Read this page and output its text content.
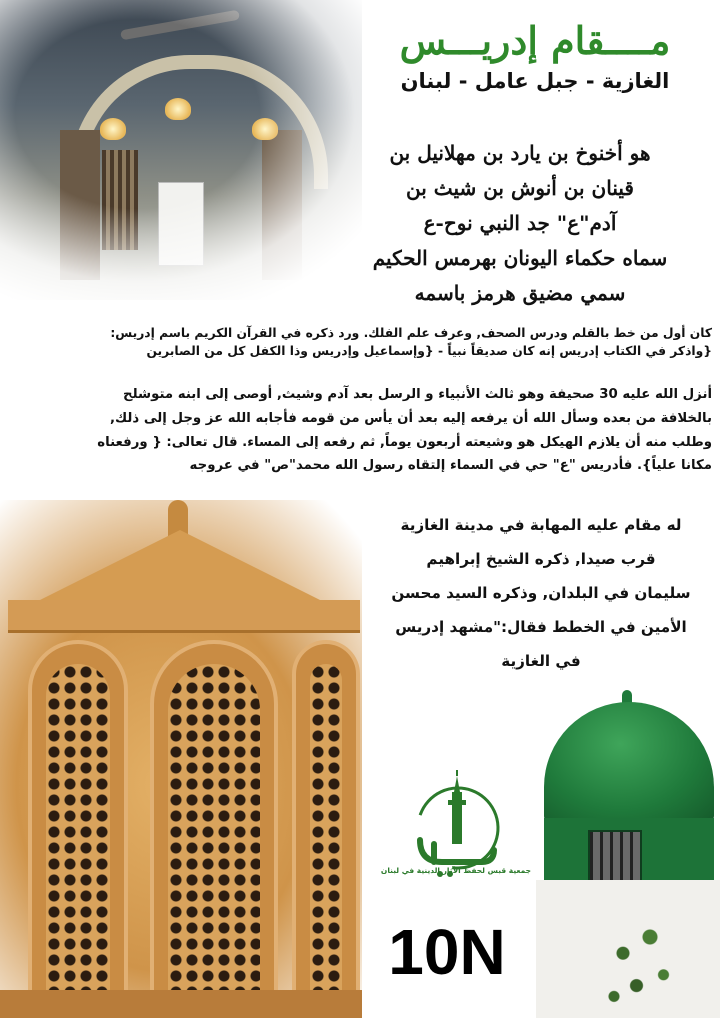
مــــقام إدريـــس
الغازية - جبل عامل - لبنان
هو أخنوخ بن يارد بن مهلانيل بن
قينان بن أنوش بن شيث بن
آدم"ع" جد النبي نوح-ع
سماه حكماء اليونان بهرمس الحكيم
سمي مضيق هرمز باسمه
كان أول من خط بالقلم ودرس الصحف, وعرف علم الفلك. ورد ذكره في القرآن الكريم باسم إدريس:
{واذكر في الكتاب إدريس إنه كان صديقاً نبياً - {وإسماعيل وإدريس وذا الكفل كل من الصابرين
أنزل الله عليه 30 صحيفة وهو ثالث الأنبياء و الرسل بعد آدم وشيث, أوصى إلى ابنه متوشلح
بالخلافة من بعده وسأل الله أن يرفعه إليه بعد أن يأس من قومه فأجابه الله عز وجل إلى ذلك,
وطلب منه أن يلازم الهيكل هو وشيعته أربعون يوماً, ثم رفعه إلى المساء. قال تعالى: { ورفعناه
مكانا علياً}. فأدريس "ع" حي في السماء إلتقاه رسول الله محمد"ص" في عروجه
له مقام عليه المهابة في مدينة الغازية
قرب صيدا, ذكره الشيخ إبراهيم
سليمان في البلدان, وذكره السيد محسن
الأمين في الخطط فقال:"مشهد إدريس
في الغازية
جمعية قبس لحفظ الآثار الدينية في لبنان
10N
